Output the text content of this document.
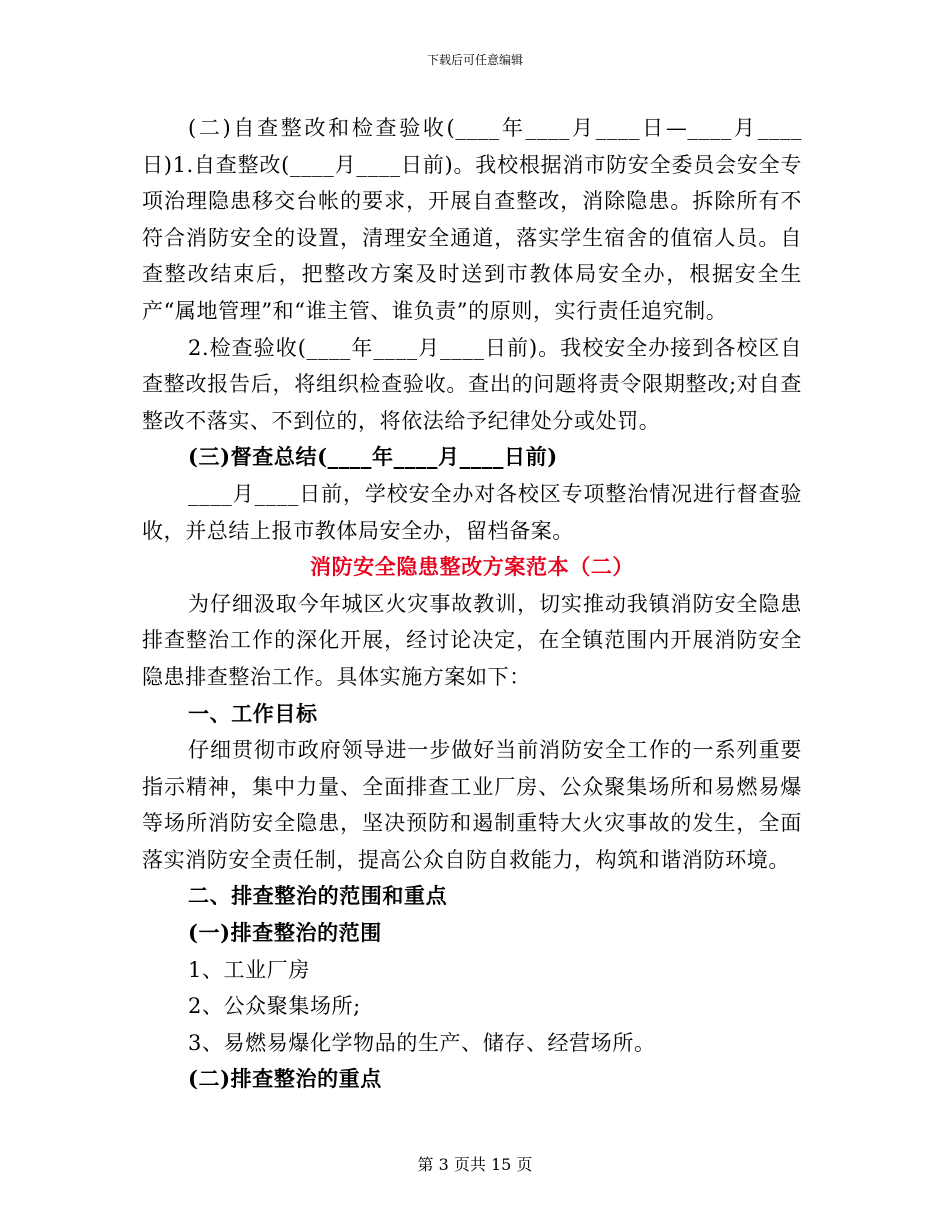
下载后可任意编辑

(二)自查整改和检查验收(____年____月____日—____月____日)1.自查整改(____月____日前)。我校根据消市防安全委员会安全专项治理隐患移交台帐的要求，开展自查整改，消除隐患。拆除所有不符合消防安全的设置，清理安全通道，落实学生宿舍的值宿人员。自查整改结束后，把整改方案及时送到市教体局安全办，根据安全生产“属地管理”和“谁主管、谁负责”的原则，实行责任追究制。

2.检查验收(____年____月____日前)。我校安全办接到各校区自查整改报告后，将组织检查验收。查出的问题将责令限期整改;对自查整改不落实、不到位的，将依法给予纪律处分或处罚。

(三)督查总结(____年____月____日前)

____月____日前，学校安全办对各校区专项整治情况进行督查验收，并总结上报市教体局安全办，留档备案。

消防安全隐患整改方案范本（二）

为仔细汲取今年城区火灾事故教训，切实推动我镇消防安全隐患排查整治工作的深化开展，经讨论决定，在全镇范围内开展消防安全隐患排查整治工作。具体实施方案如下：

一、工作目标

仔细贯彻市政府领导进一步做好当前消防安全工作的一系列重要指示精神，集中力量、全面排查工业厂房、公众聚集场所和易燃易爆等场所消防安全隐患，坚决预防和遏制重特大火灾事故的发生，全面落实消防安全责任制，提高公众自防自救能力，构筑和谐消防环境。

二、排查整治的范围和重点

(一)排查整治的范围

1、工业厂房

2、公众聚集场所;

3、易燃易爆化学物品的生产、储存、经营场所。

(二)排查整治的重点

第 3 页共 15 页
